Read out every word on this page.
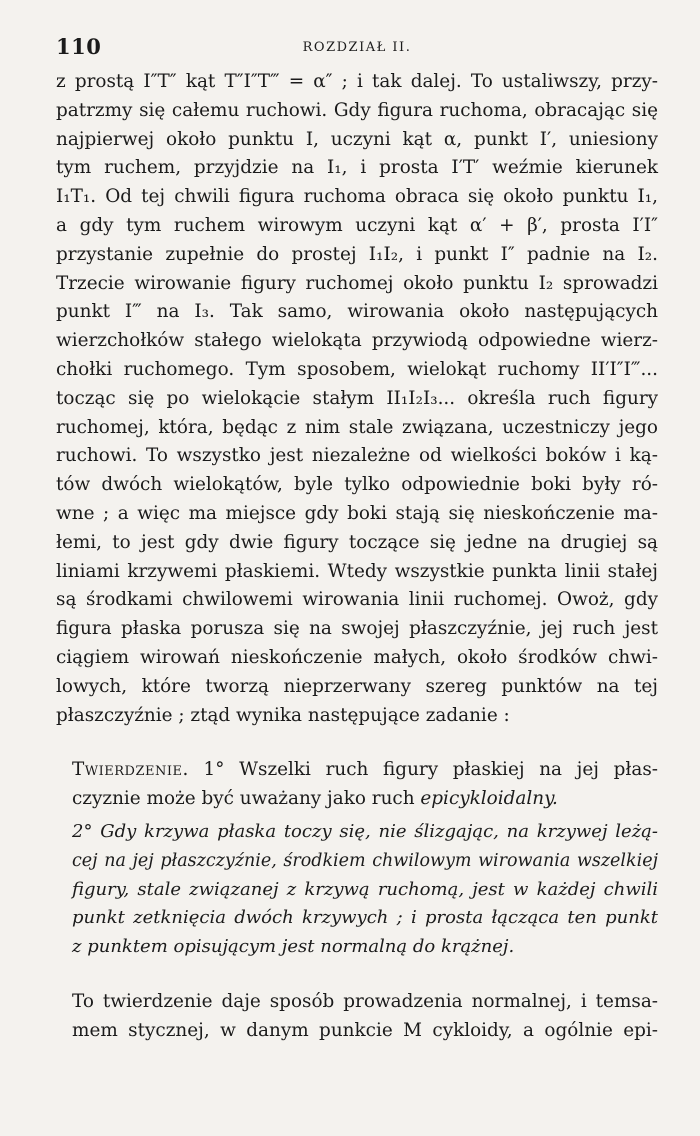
110	ROZDZIAŁ II.

z prostą I″T″ kąt T″I″T‴ = α″ ; i tak dalej. To ustaliwszy, przy-
patrzmy się całemu ruchowi. Gdy figura ruchoma, obracając się
najpierwej około punktu I, uczyni kąt α, punkt I′, uniesiony
tym ruchem, przyjdzie na I₁, i prosta I′T′ weźmie kierunek
I₁T₁. Od tej chwili figura ruchoma obraca się około punktu I₁,
a gdy tym ruchem wirowym uczyni kąt α′ + β′, prosta I′I″
przystanie zupełnie do prostej I₁I₂, i punkt I″ padnie na I₂.
Trzecie wirowanie figury ruchomej około punktu I₂ sprowadzi
punkt I‴ na I₃. Tak samo, wirowania około następujących
wierzchołków stałego wielokąta przywiodą odpowiedne wierz-
chołki ruchomego. Tym sposobem, wielokąt ruchomy II′I″I‴...
tocząc się po wielokącie stałym II₁I₂I₃... określa ruch figury
ruchomej, która, będąc z nim stale związana, uczestniczy jego
ruchowi. To wszystko jest niezależne od wielkości boków i ką-
tów dwóch wielokątów, byle tylko odpowiednie boki były ró-
wne ; a więc ma miejsce gdy boki stają się nieskończenie ma-
łemi, to jest gdy dwie figury toczące się jedne na drugiej są
liniami krzywemi płaskiemi. Wtedy wszystkie punkta linii stałej
są środkami chwilowemi wirowania linii ruchomej. Owoż, gdy
figura płaska porusza się na swojej płaszczyźnie, jej ruch jest
ciągiem wirowań nieskończenie małych, około środków chwi-
lowych, które tworzą nieprzerwany szereg punktów na tej
płaszczyźnie ; ztąd wynika następujące zadanie :

Twierdzenie. 1° Wszelki ruch figury płaskiej na jej płas-
czyznie może być uważany jako ruch epicykloidalny.

2° Gdy krzywa płaska toczy się, nie ślizgając, na krzywej leżą-
cej na jej płaszczyźnie, środkiem chwilowym wirowania wszelkiej
figury, stale związanej z krzywą ruchomą, jest w każdej chwili
punkt zetknięcia dwóch krzywych ; i prosta łącząca ten punkt
z punktem opisującym jest normalną do krążnej.

To twierdzenie daje sposób prowadzenia normalnej, i temsa-
mem stycznej, w danym punkcie M cykloidy, a ogólnie epi-
